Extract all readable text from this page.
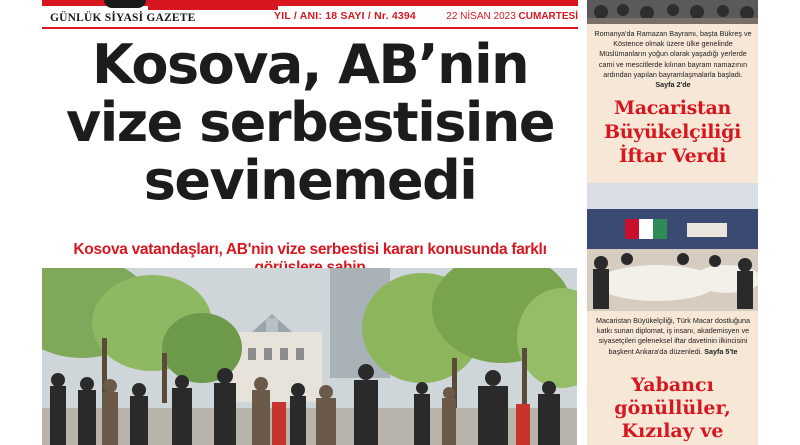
GÜNLÜK SİYASİ GAZETE	YIL / ANI: 18 SAYI / Nr. 4394	22 NİSAN 2023 CUMARTESİ
Kosova, AB’nin
vize serbestisine
sevinemedi
Kosova vatandaşları, AB'nin vize serbestisi kararı konusunda farklı
Romanya'da Ramazan Bayramı, başta Bükreş ve Köstence olmak üzere ülke genelinde Müslümanların yoğun olarak yaşadığı yerlerde cami ve mescitlerde kılınan bayram namazının ardından yapılan bayramlaşmalarla başladı. Sayfa 2'de
Macaristan
Büyükelçiliği
İftar Verdi
Macaristan Büyükelçiliği, Türk Macar dostluğuna katkı sunan diplomat, iş insanı, akademisyen ve siyasetçileri geleneksel iftar davetinin ilkincisini başkent Ankara'da düzenledi. Sayfa 5'te
Yabancı
gönüllüler,
Kızılay ve
